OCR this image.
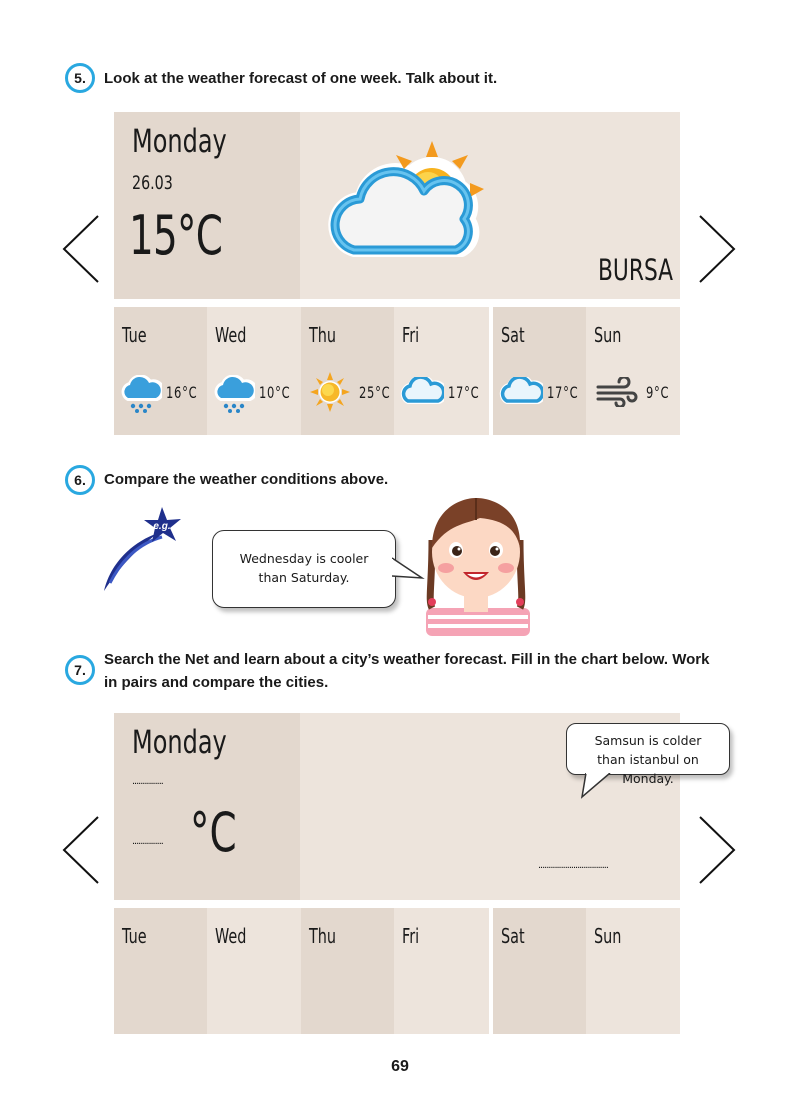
5. Look at the weather forecast of one week. Talk about it.
Monday
26.03
15°C
BURSA
Tue
16°C
Wed
10°C
Thu
25°C
Fri
17°C
Sat
17°C
Sun
9°C
6. Compare the weather conditions above.
e.g.
Wednesday is cooler than Saturday.
7.
Search the Net and learn about a city’s weather forecast. Fill in the chart below. Work
in pairs and compare the cities.
Monday
...............
............... °C
..................................
Samsun is colder than istanbul on Monday.
Tue	Wed	Thu	Fri	Sat	Sun
69
